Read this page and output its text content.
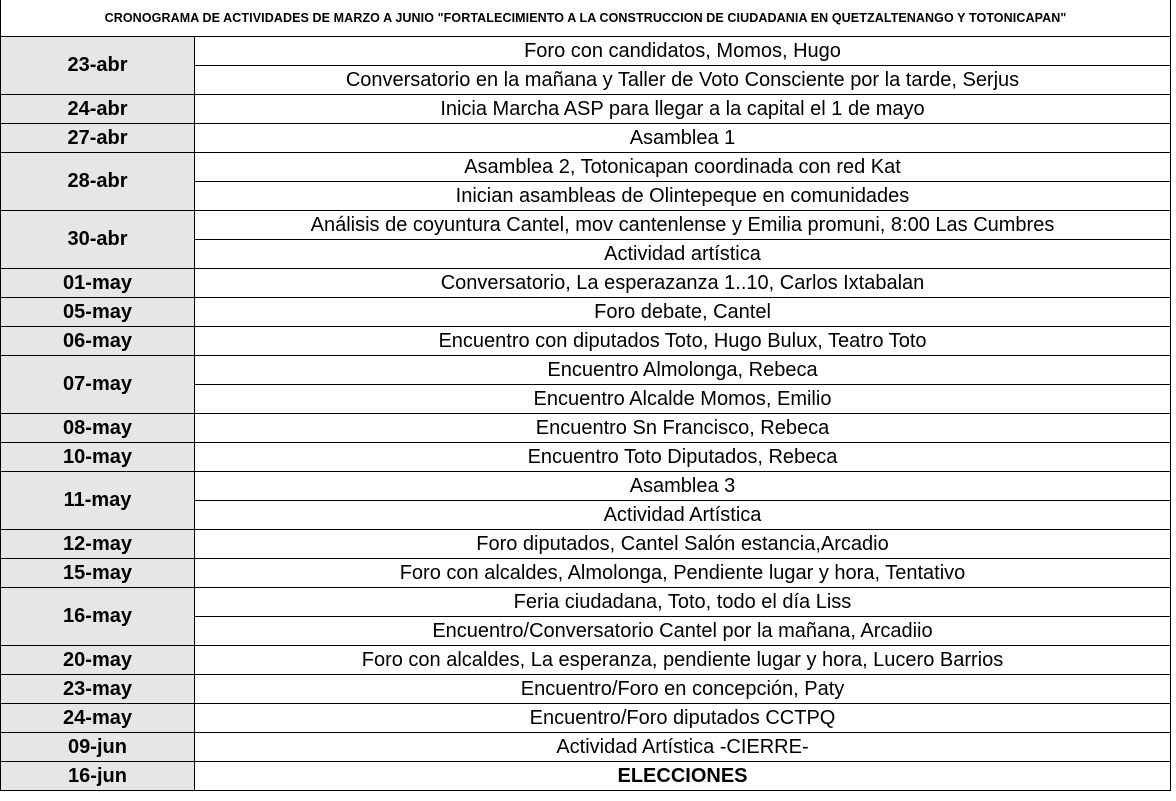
CRONOGRAMA DE ACTIVIDADES DE MARZO A JUNIO "FORTALECIMIENTO A LA CONSTRUCCION DE CIUDADANIA EN QUETZALTENANGO Y TOTONICAPAN"
23-abr	Foro con candidatos, Momos, Hugo
	Conversatorio en la mañana y Taller de Voto Consciente por la tarde, Serjus
24-abr	Inicia Marcha ASP para llegar a la capital el 1 de mayo
27-abr	Asamblea 1
28-abr	Asamblea 2, Totonicapan coordinada con red Kat
	Inician asambleas de Olintepeque en comunidades
30-abr	Análisis de coyuntura Cantel, mov cantenlense y Emilia promuni, 8:00 Las Cumbres
	Actividad artística
01-may	Conversatorio, La esperazanza 1..10, Carlos Ixtabalan
05-may	Foro debate, Cantel
06-may	Encuentro con diputados Toto, Hugo Bulux, Teatro Toto
07-may	Encuentro Almolonga, Rebeca
	Encuentro Alcalde Momos, Emilio
08-may	Encuentro Sn Francisco, Rebeca
10-may	Encuentro Toto Diputados, Rebeca
11-may	Asamblea 3
	Actividad Artística
12-may	Foro diputados, Cantel Salón estancia,Arcadio
15-may	Foro con alcaldes, Almolonga, Pendiente lugar y hora, Tentativo
16-may	Feria ciudadana, Toto, todo el día Liss
	Encuentro/Conversatorio Cantel por la mañana, Arcadiio
20-may	Foro con alcaldes, La esperanza, pendiente lugar y hora, Lucero Barrios
23-may	Encuentro/Foro en concepción, Paty
24-may	Encuentro/Foro diputados CCTPQ
09-jun	Actividad Artística -CIERRE-
16-jun	ELECCIONES
